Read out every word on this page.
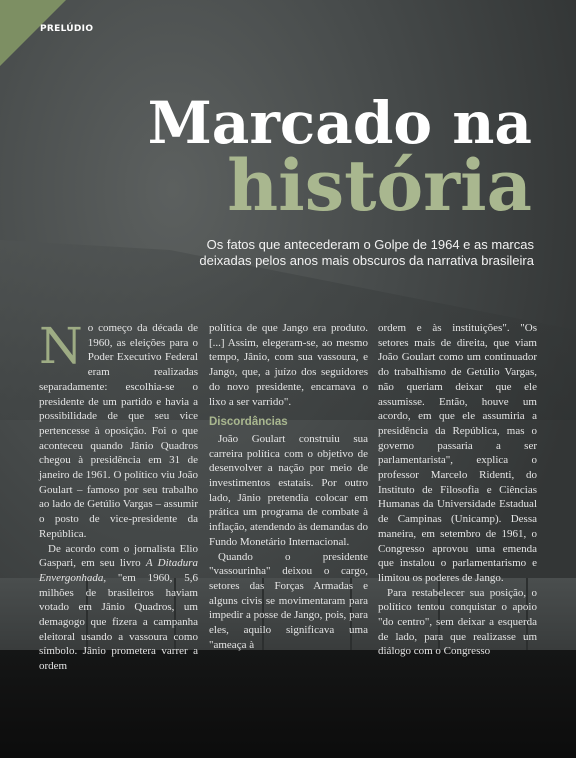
PRELÚDIO
Marcado na
história
Os fatos que antecederam o Golpe de 1964 e as marcas deixadas pelos anos mais obscuros da narrativa brasileira

No começo da década de 1960, as eleições para o Poder Executivo Federal eram realizadas separadamente: escolhia-se o presidente de um partido e havia a possibilidade de que seu vice pertencesse à oposição. Foi o que aconteceu quando Jânio Quadros chegou à presidência em 31 de janeiro de 1961. O político viu João Goulart – famoso por seu trabalho ao lado de Getúlio Vargas – assumir o posto de vice-presidente da República.

De acordo com o jornalista Elio Gaspari, em seu livro A Ditadura Envergonhada, "em 1960, 5,6 milhões de brasileiros haviam votado em Jânio Quadros, um demagogo que fizera a campanha eleitoral usando a vassoura como símbolo. Jânio prometera varrer a ordem

política de que Jango era produto. [...] Assim, elegeram-se, ao mesmo tempo, Jânio, com sua vassoura, e Jango, que, a juízo dos seguidores do novo presidente, encarnava o lixo a ser varrido".

Discordâncias

João Goulart construiu sua carreira política com o objetivo de desenvolver a nação por meio de investimentos estatais. Por outro lado, Jânio pretendia colocar em prática um programa de combate à inflação, atendendo às demandas do Fundo Monetário Internacional.

Quando o presidente "vassourinha" deixou o cargo, setores das Forças Armadas e alguns civis se movimentaram para impedir a posse de Jango, pois, para eles, aquilo significava uma "ameaça à

ordem e às instituições". "Os setores mais de direita, que viam João Goulart como um continuador do trabalhismo de Getúlio Vargas, não queriam deixar que ele assumisse. Então, houve um acordo, em que ele assumiria a presidência da República, mas o governo passaria a ser parlamentarista", explica o professor Marcelo Ridenti, do Instituto de Filosofia e Ciências Humanas da Universidade Estadual de Campinas (Unicamp). Dessa maneira, em setembro de 1961, o Congresso aprovou uma emenda que instalou o parlamentarismo e limitou os poderes de Jango.

Para restabelecer sua posição, o político tentou conquistar o apoio "do centro", sem deixar a esquerda de lado, para que realizasse um diálogo com o Congresso
